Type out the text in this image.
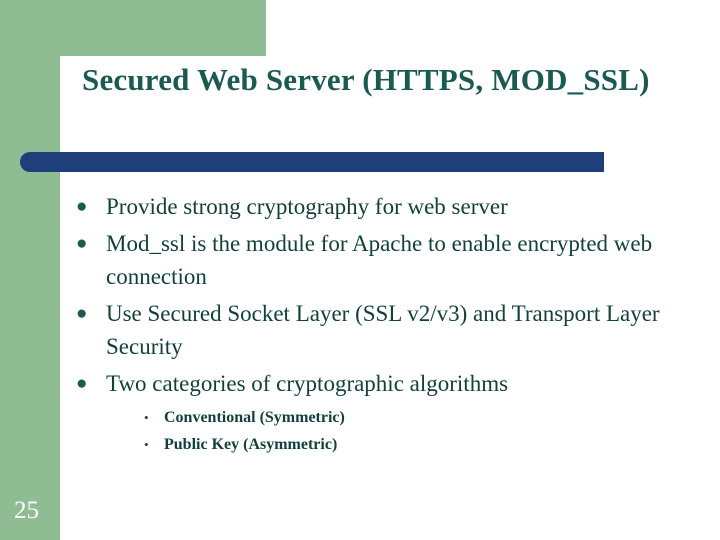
Secured Web Server (HTTPS, MOD_SSL)
● Provide strong cryptography for web server
● Mod_ssl is the module for Apache to enable encrypted web connection
● Use Secured Socket Layer (SSL v2/v3) and Transport Layer Security
● Two categories of cryptographic algorithms
• Conventional (Symmetric)
• Public Key (Asymmetric)
25
